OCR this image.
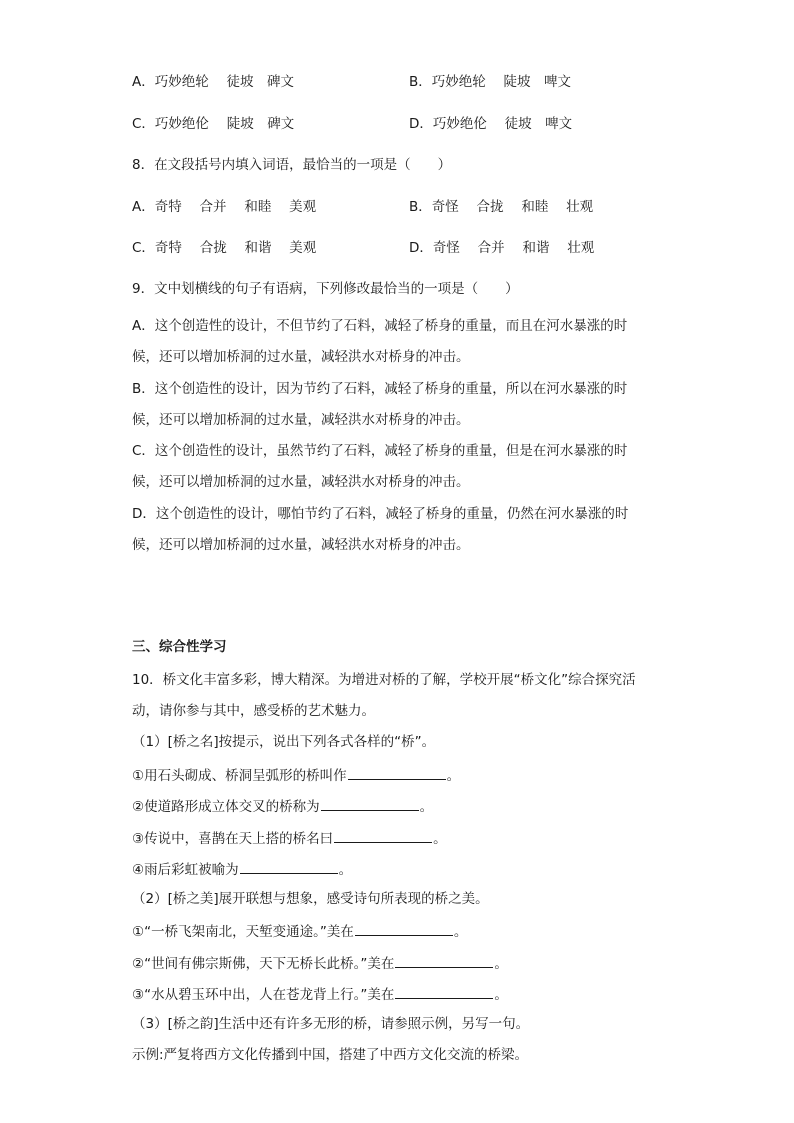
A．巧妙绝轮　 徒坡　碑文	B．巧妙绝轮　 陡坡　啤文
C．巧妙绝伦　 陡坡　碑文	D．巧妙绝伦　 徒坡　啤文
8．在文段括号内填入词语，最恰当的一项是（　　）
A．奇特　 合并　 和睦　 美观	B．奇怪　 合拢　 和睦　 壮观
C．奇特　 合拢　 和谐　 美观	D．奇怪　 合并　 和谐　 壮观
9．文中划横线的句子有语病，下列修改最恰当的一项是（　　）
A．这个创造性的设计，不但节约了石料，减轻了桥身的重量，而且在河水暴涨的时
候，还可以增加桥洞的过水量，减轻洪水对桥身的冲击。
B．这个创造性的设计，因为节约了石料，减轻了桥身的重量，所以在河水暴涨的时
候，还可以增加桥洞的过水量，减轻洪水对桥身的冲击。
C．这个创造性的设计，虽然节约了石料，减轻了桥身的重量，但是在河水暴涨的时
候，还可以增加桥洞的过水量，减轻洪水对桥身的冲击。
D．这个创造性的设计，哪怕节约了石料，减轻了桥身的重量，仍然在河水暴涨的时
候，还可以增加桥洞的过水量，减轻洪水对桥身的冲击。
三、综合性学习
10．桥文化丰富多彩，博大精深。为增进对桥的了解，学校开展“桥文化”综合探究活
动，请你参与其中，感受桥的艺术魅力。
（1）[桥之名]按提示，说出下列各式各样的“桥”。
①用石头砌成、桥洞呈弧形的桥叫作	。
②使道路形成立体交叉的桥称为	。
③传说中，喜鹊在天上搭的桥名曰	。
④雨后彩虹被喻为	。
（2）[桥之美]展开联想与想象，感受诗句所表现的桥之美。
①“一桥飞架南北，天堑变通途。”美在	。
②“世间有佛宗斯佛，天下无桥长此桥。”美在	。
③“水从碧玉环中出，人在苍龙背上行。”美在	。
（3）[桥之韵]生活中还有许多无形的桥，请参照示例，另写一句。
示例:严复将西方文化传播到中国，搭建了中西方文化交流的桥梁。
